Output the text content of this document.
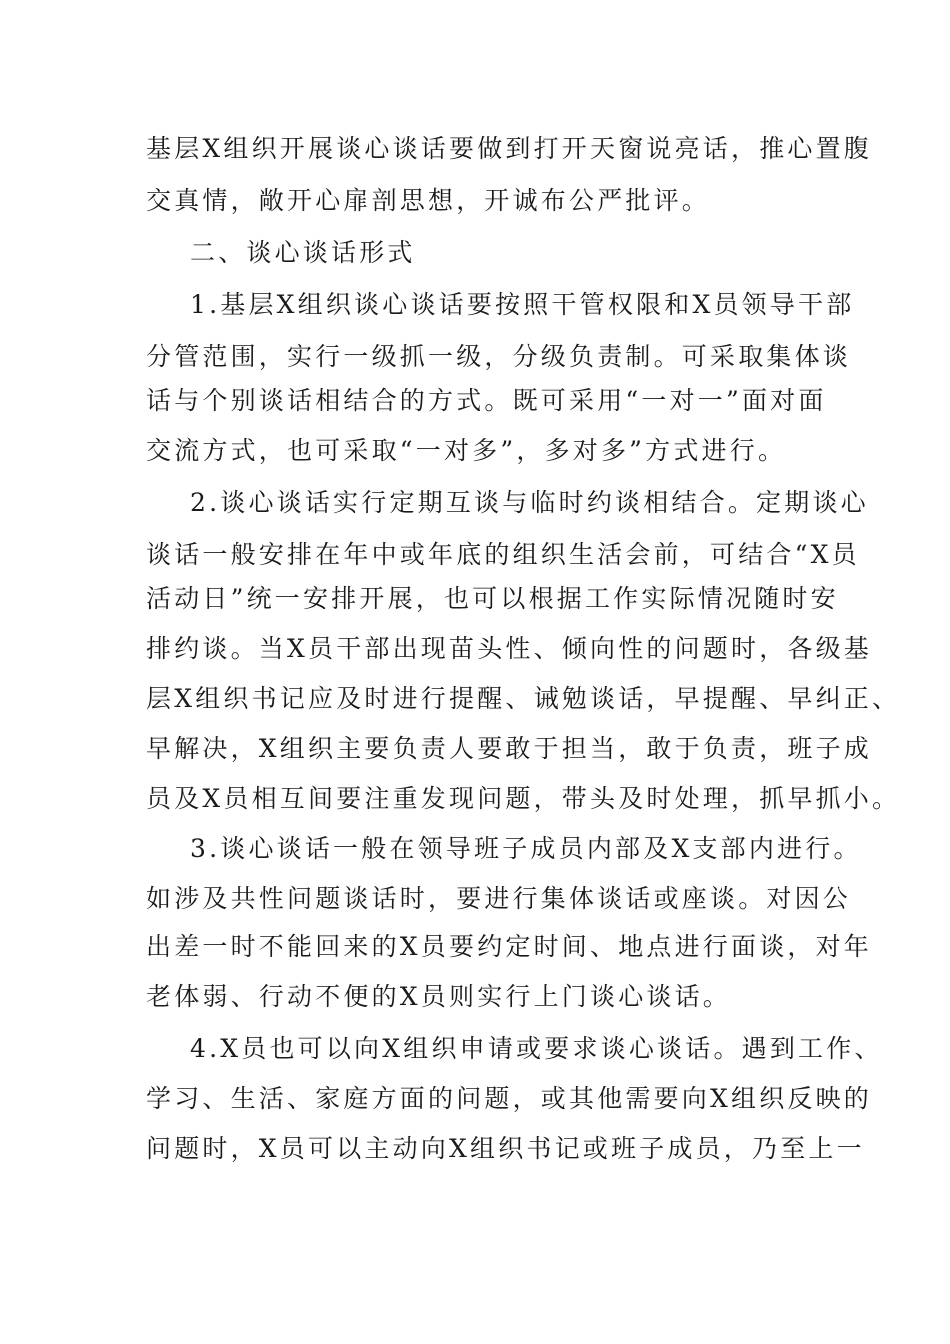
基层X组织开展谈心谈话要做到打开天窗说亮话，推心置腹
交真情，敞开心扉剖思想，开诚布公严批评。
二、谈心谈话形式
1.基层X组织谈心谈话要按照干管权限和X员领导干部
分管范围，实行一级抓一级，分级负责制。可采取集体谈
话与个别谈话相结合的方式。既可采用“一对一”面对面
交流方式，也可采取“一对多”，多对多”方式进行。
2.谈心谈话实行定期互谈与临时约谈相结合。定期谈心
谈话一般安排在年中或年底的组织生活会前，可结合“X员
活动日”统一安排开展，也可以根据工作实际情况随时安
排约谈。当X员干部出现苗头性、倾向性的问题时，各级基
层X组织书记应及时进行提醒、诫勉谈话，早提醒、早纠正、
早解决，X组织主要负责人要敢于担当，敢于负责，班子成
员及X员相互间要注重发现问题，带头及时处理，抓早抓小。
3.谈心谈话一般在领导班子成员内部及X支部内进行。
如涉及共性问题谈话时，要进行集体谈话或座谈。对因公
出差一时不能回来的X员要约定时间、地点进行面谈，对年
老体弱、行动不便的X员则实行上门谈心谈话。
4.X员也可以向X组织申请或要求谈心谈话。遇到工作、
学习、生活、家庭方面的问题，或其他需要向X组织反映的
问题时，X员可以主动向X组织书记或班子成员，乃至上一
